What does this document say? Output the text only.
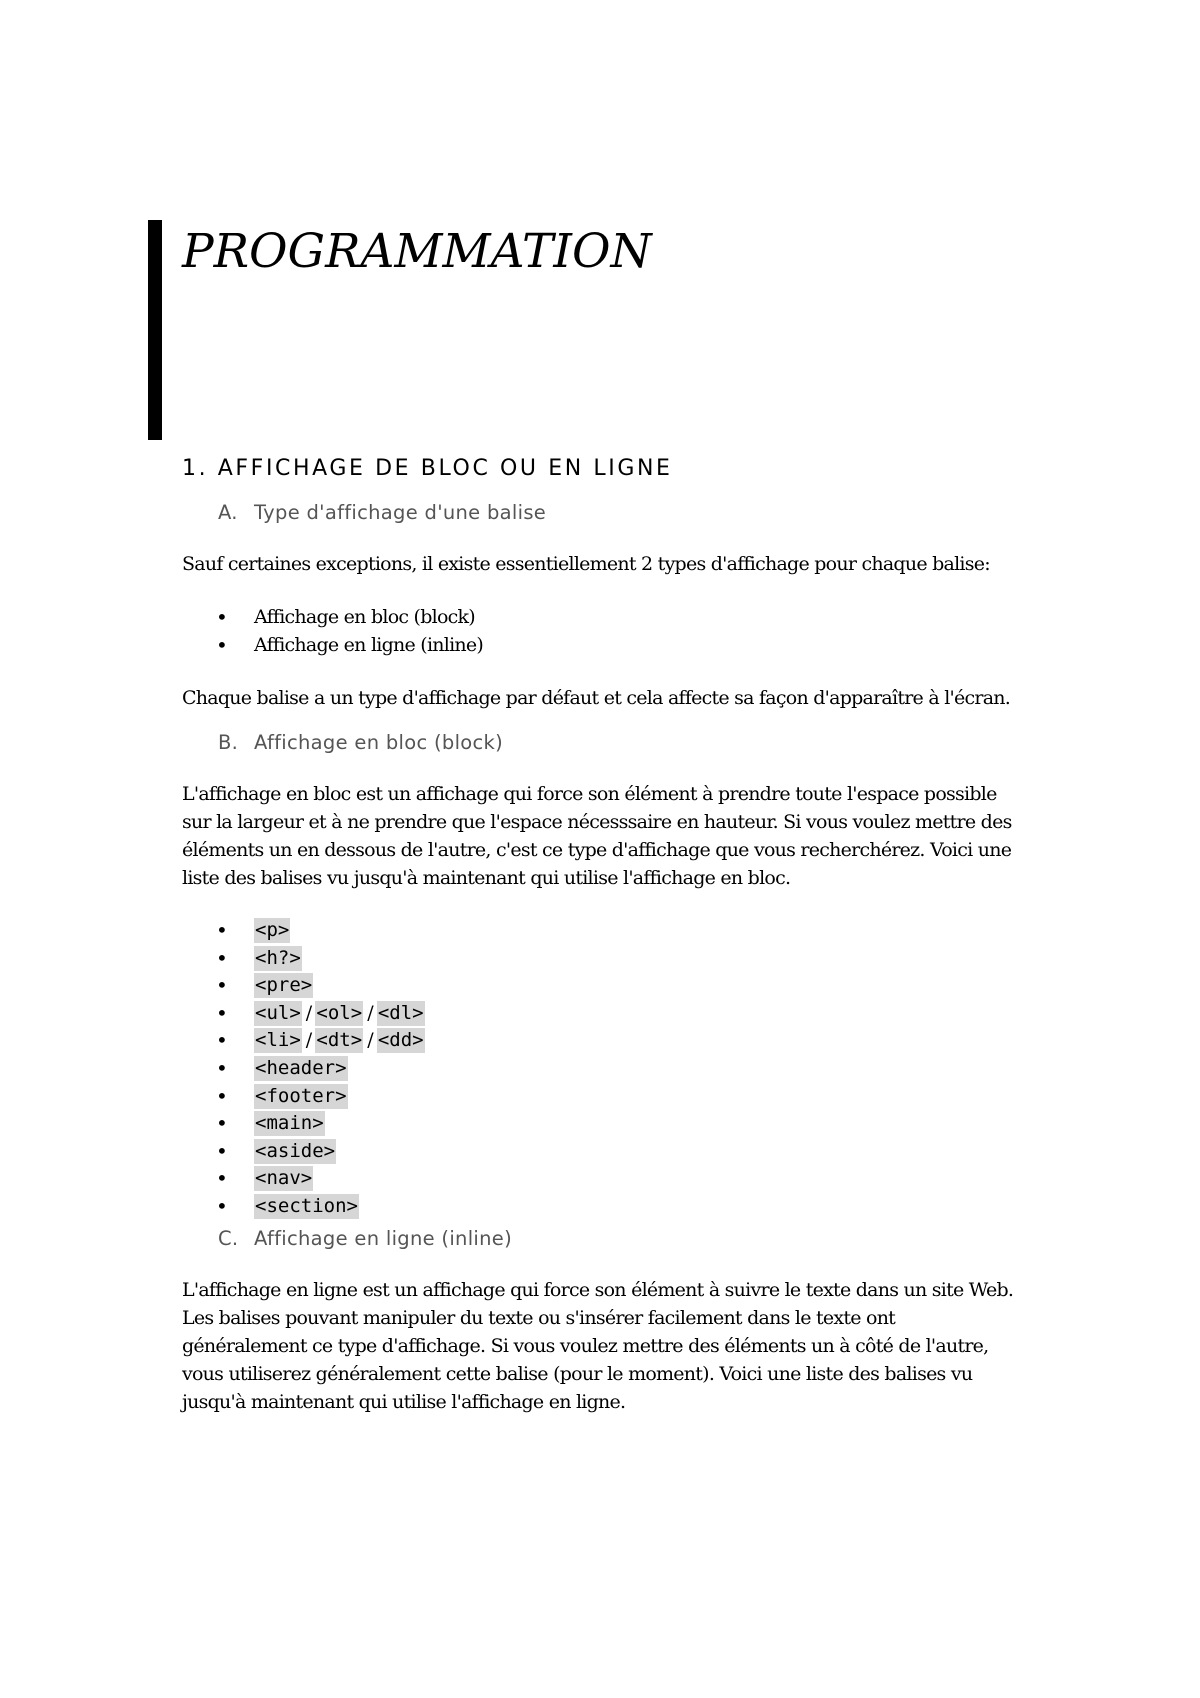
PROGRAMMATION
1. AFFICHAGE DE BLOC OU EN LIGNE
A. Type d'affichage d'une balise

Sauf certaines exceptions, il existe essentiellement 2 types d'affichage pour chaque balise:

• Affichage en bloc (block)
• Affichage en ligne (inline)

Chaque balise a un type d'affichage par défaut et cela affecte sa façon d'apparaître à l'écran.

B. Affichage en bloc (block)

L'affichage en bloc est un affichage qui force son élément à prendre toute l'espace possible sur la largeur et à ne prendre que l'espace nécesssaire en hauteur. Si vous voulez mettre des éléments un en dessous de l'autre, c'est ce type d'affichage que vous recherchérez. Voici une liste des balises vu jusqu'à maintenant qui utilise l'affichage en bloc.

• <p>
• <h?>
• <pre>
• <ul> / <ol> / <dl>
• <li> / <dt> / <dd>
• <header>
• <footer>
• <main>
• <aside>
• <nav>
• <section>
C. Affichage en ligne (inline)

L'affichage en ligne est un affichage qui force son élément à suivre le texte dans un site Web. Les balises pouvant manipuler du texte ou s'insérer facilement dans le texte ont généralement ce type d'affichage. Si vous voulez mettre des éléments un à côté de l'autre, vous utiliserez généralement cette balise (pour le moment). Voici une liste des balises vu jusqu'à maintenant qui utilise l'affichage en ligne.
